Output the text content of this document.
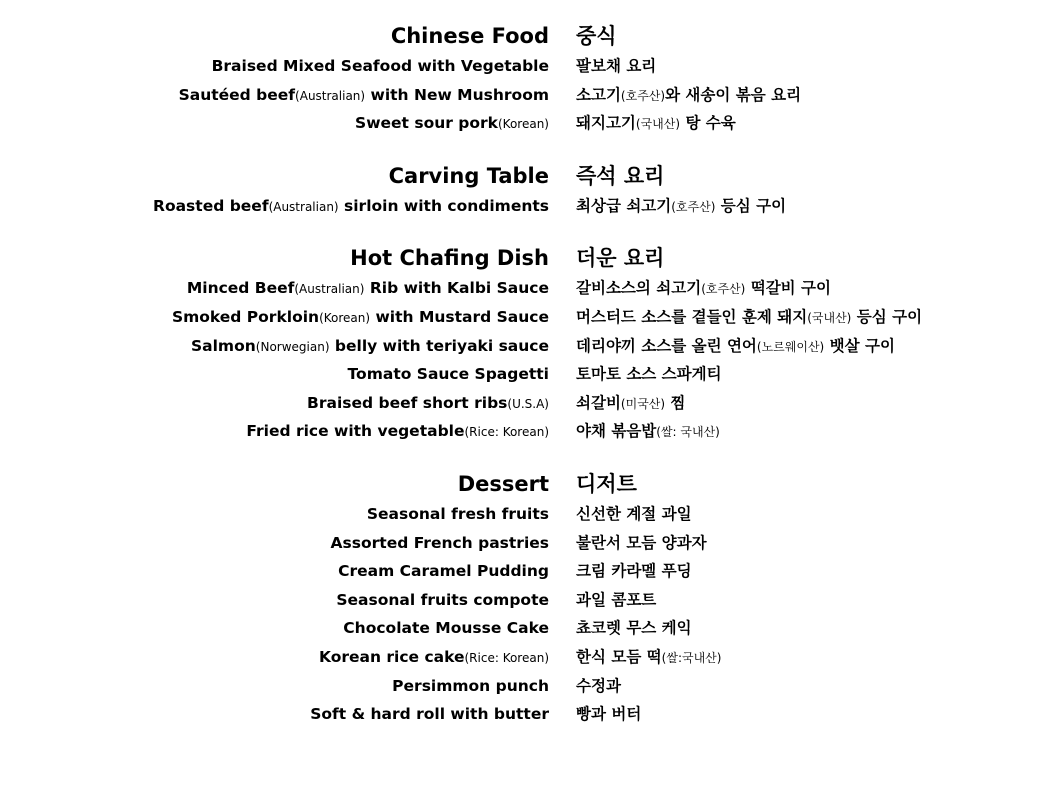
Chinese Food 중식
Braised Mixed Seafood with Vegetable 팔보채 요리
Sautéed beef(Australian) with New Mushroom 소고기(호주산)와 새송이 볶음 요리
Sweet sour pork(Korean) 돼지고기(국내산) 탕 수육
Carving Table 즉석 요리
Roasted beef(Australian) sirloin with condiments 최상급 쇠고기(호주산) 등심 구이
Hot Chafing Dish 더운 요리
Minced Beef(Australian) Rib with Kalbi Sauce 갈비소스의 쇠고기(호주산) 떡갈비 구이
Smoked Porkloin(Korean) with Mustard Sauce 머스터드 소스를 곁들인 훈제 돼지(국내산) 등심 구이
Salmon(Norwegian) belly with teriyaki sauce 데리야끼 소스를 올린 연어(노르웨이산) 뱃살 구이
Tomato Sauce Spagetti 토마토 소스 스파게티
Braised beef short ribs(U.S.A) 쇠갈비(미국산) 찜
Fried rice with vegetable(Rice: Korean) 야채 볶음밥(쌀: 국내산)
Dessert 디저트
Seasonal fresh fruits 신선한 계절 과일
Assorted French pastries 불란서 모듬 양과자
Cream Caramel Pudding 크림 카라멜 푸딩
Seasonal fruits compote 과일 콤포트
Chocolate Mousse Cake 쵸코렛 무스 케익
Korean rice cake(Rice: Korean) 한식 모듬 떡(쌀:국내산)
Persimmon punch 수정과
Soft & hard roll with butter 빵과 버터
